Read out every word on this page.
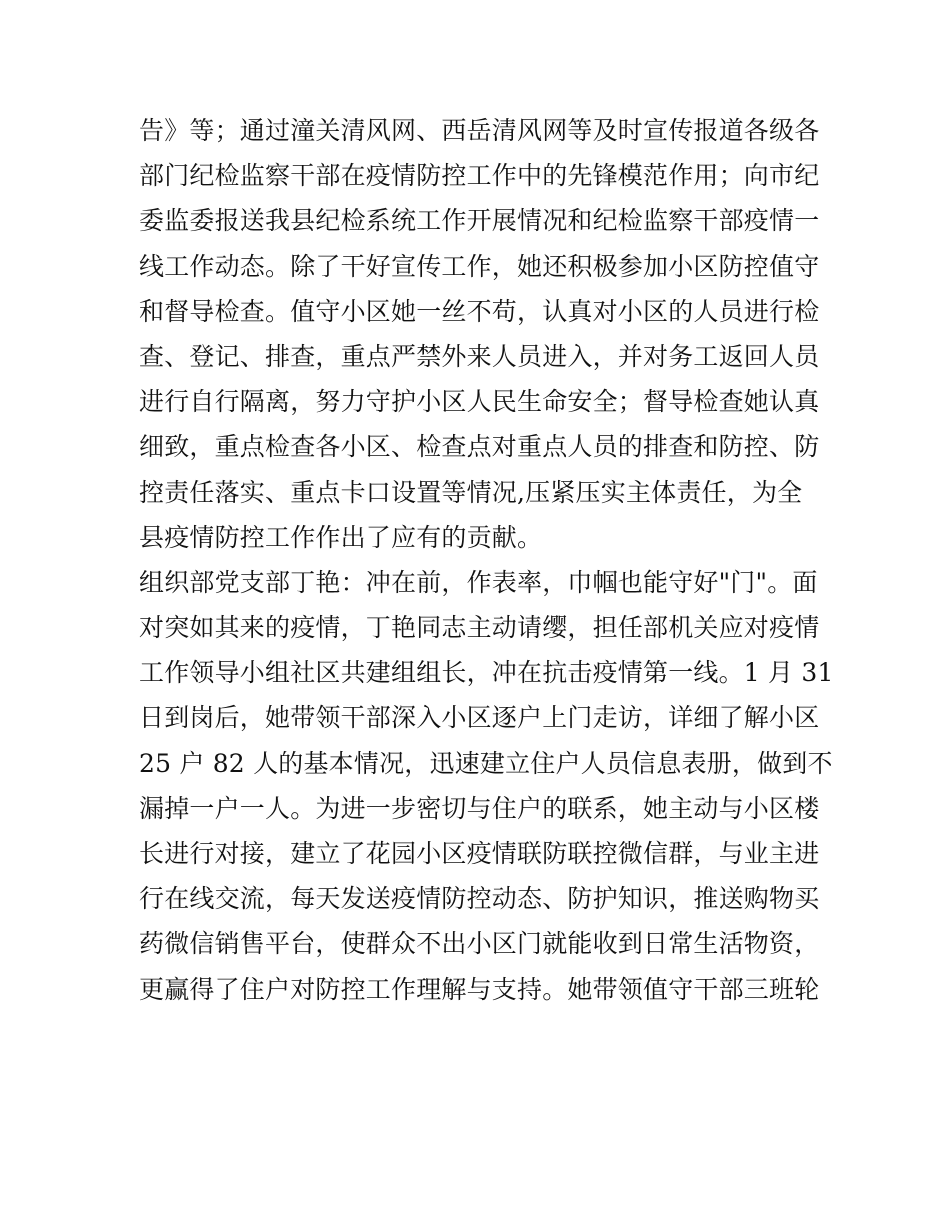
告》等；通过潼关清风网、西岳清风网等及时宣传报道各级各
部门纪检监察干部在疫情防控工作中的先锋模范作用；向市纪
委监委报送我县纪检系统工作开展情况和纪检监察干部疫情一
线工作动态。除了干好宣传工作，她还积极参加小区防控值守
和督导检查。值守小区她一丝不苟，认真对小区的人员进行检
查、登记、排查，重点严禁外来人员进入，并对务工返回人员
进行自行隔离，努力守护小区人民生命安全；督导检查她认真
细致，重点检查各小区、检查点对重点人员的排查和防控、防
控责任落实、重点卡口设置等情况,压紧压实主体责任，为全
县疫情防控工作作出了应有的贡献。
组织部党支部丁艳：冲在前，作表率，巾帼也能守好"门"。面
对突如其来的疫情，丁艳同志主动请缨，担任部机关应对疫情
工作领导小组社区共建组组长，冲在抗击疫情第一线。1 月 31
日到岗后，她带领干部深入小区逐户上门走访，详细了解小区
25 户 82 人的基本情况，迅速建立住户人员信息表册，做到不
漏掉一户一人。为进一步密切与住户的联系，她主动与小区楼
长进行对接，建立了花园小区疫情联防联控微信群，与业主进
行在线交流，每天发送疫情防控动态、防护知识，推送购物买
药微信销售平台，使群众不出小区门就能收到日常生活物资，
更赢得了住户对防控工作理解与支持。她带领值守干部三班轮
